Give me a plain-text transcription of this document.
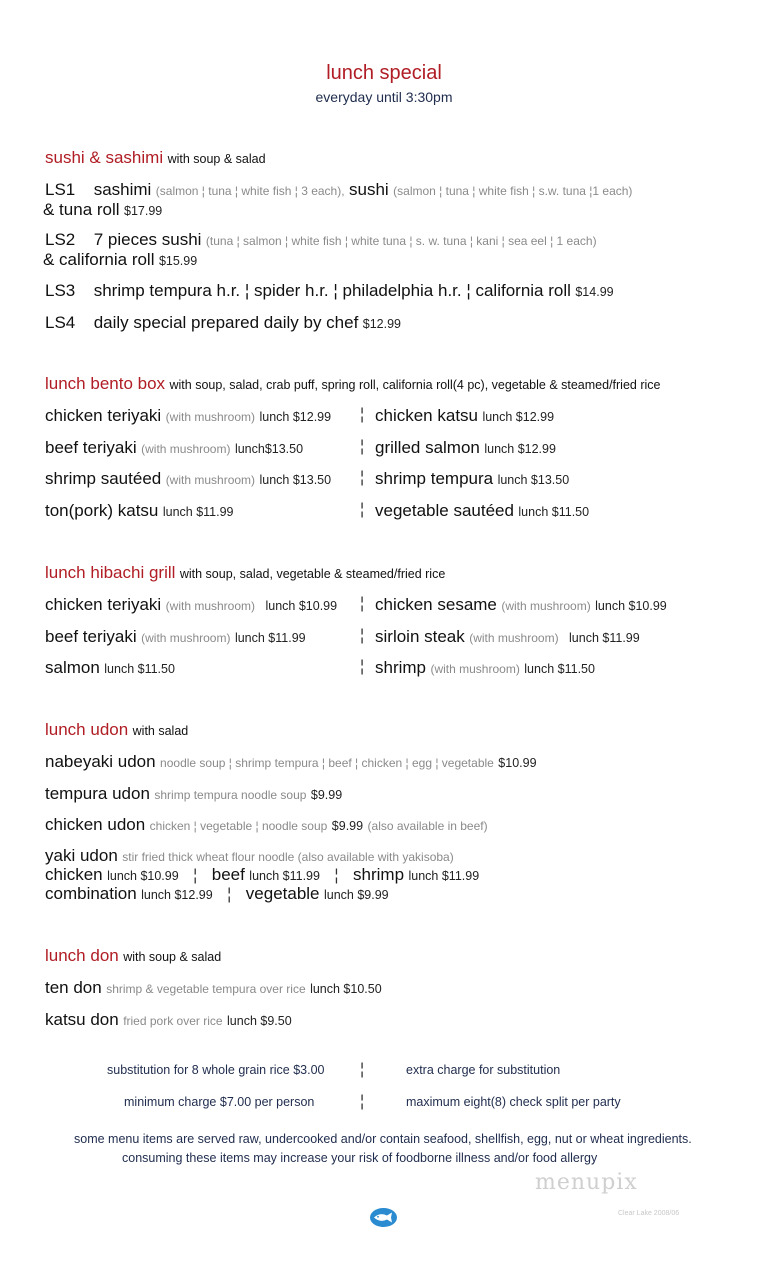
lunch special
everyday until 3:30pm
sushi & sashimi with soup & salad
LS1 sashimi (salmon ¦ tuna ¦ white fish ¦ 3 each), sushi (salmon ¦ tuna ¦ white fish ¦ s.w. tuna ¦1 each)
& tuna roll $17.99
LS2 7 pieces sushi (tuna ¦ salmon ¦ white fish ¦ white tuna ¦ s. w. tuna ¦ kani ¦ sea eel ¦ 1 each)
& california roll $15.99
LS3 shrimp tempura h.r. ¦ spider h.r. ¦ philadelphia h.r. ¦ california roll $14.99
LS4 daily special prepared daily by chef $12.99
lunch bento box with soup, salad, crab puff, spring roll, california roll(4 pc), vegetable & steamed/fried rice
chicken teriyaki (with mushroom) lunch $12.99 ¦ chicken katsu lunch $12.99
beef teriyaki (with mushroom) lunch$13.50	¦ grilled salmon lunch $12.99
shrimp sautéed (with mushroom) lunch $13.50 ¦ shrimp tempura lunch $13.50
ton(pork) katsu lunch $11.99	¦ vegetable sautéed lunch $11.50
lunch hibachi grill with soup, salad, vegetable & steamed/fried rice
chicken teriyaki (with mushroom) lunch $10.99 ¦ chicken sesame (with mushroom) lunch $10.99
beef teriyaki (with mushroom) lunch $11.99	¦ sirloin steak (with mushroom) lunch $11.99
salmon lunch $11.50	¦ shrimp (with mushroom) lunch $11.50
lunch udon with salad
nabeyaki udon noodle soup ¦ shrimp tempura ¦ beef ¦ chicken ¦ egg ¦ vegetable $10.99
tempura udon shrimp tempura noodle soup $9.99
chicken udon chicken ¦ vegetable ¦ noodle soup $9.99 (also available in beef)
yaki udon stir fried thick wheat flour noodle (also available with yakisoba)
chicken lunch $10.99 ¦ beef lunch $11.99 ¦ shrimp lunch $11.99
combination lunch $12.99 ¦ vegetable lunch $9.99
lunch don with soup & salad
ten don shrimp & vegetable tempura over rice lunch $10.50
katsu don fried pork over rice lunch $9.50
substitution for 8 whole grain rice $3.00 ¦	extra charge for substitution
minimum charge $7.00 per person	¦	maximum eight(8) check split per party
some menu items are served raw, undercooked and/or contain seafood, shellfish, egg, nut or wheat ingredients.
consuming these items may increase your risk of foodborne illness and/or food allergy
menupix
Clear Lake 2008/06
